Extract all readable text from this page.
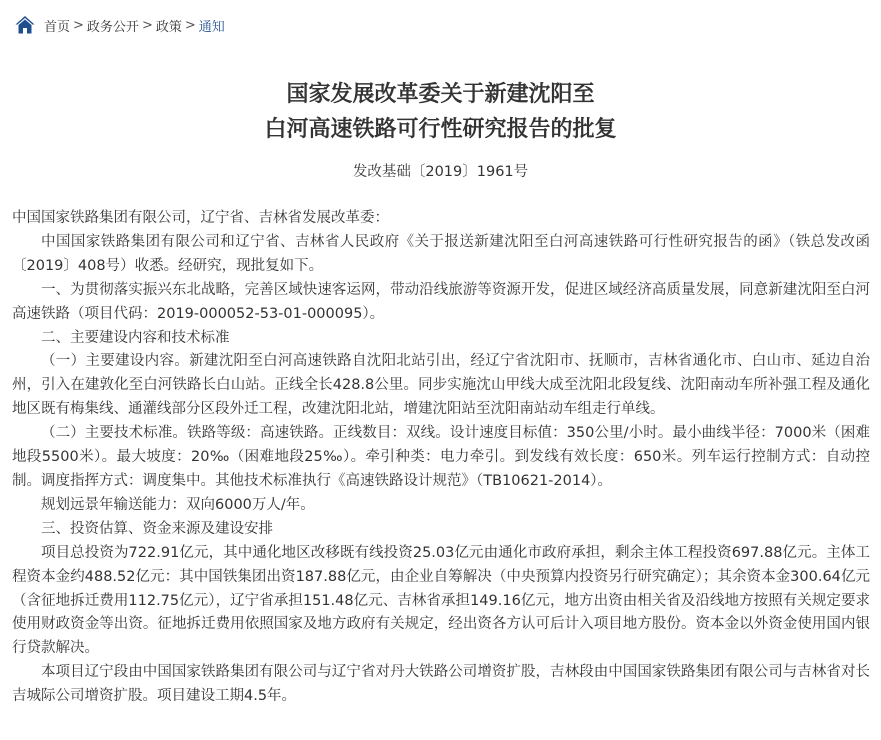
首页 > 政务公开 > 政策 > 通知
国家发展改革委关于新建沈阳至
白河高速铁路可行性研究报告的批复
发改基础〔2019〕1961号

中国国家铁路集团有限公司，辽宁省、吉林省发展改革委：

中国国家铁路集团有限公司和辽宁省、吉林省人民政府《关于报送新建沈阳至白河高速铁路可行性研究报告的函》（铁总发改函〔2019〕408号）收悉。经研究，现批复如下。

一、为贯彻落实振兴东北战略，完善区域快速客运网，带动沿线旅游等资源开发，促进区域经济高质量发展，同意新建沈阳至白河高速铁路（项目代码：2019-000052-53-01-000095）。

二、主要建设内容和技术标准

（一）主要建设内容。新建沈阳至白河高速铁路自沈阳北站引出，经辽宁省沈阳市、抚顺市，吉林省通化市、白山市、延边自治州，引入在建敦化至白河铁路长白山站。正线全长428.8公里。同步实施沈山甲线大成至沈阳北段复线、沈阳南动车所补强工程及通化地区既有梅集线、通灌线部分区段外迁工程，改建沈阳北站，增建沈阳站至沈阳南站动车组走行单线。

（二）主要技术标准。铁路等级：高速铁路。正线数目：双线。设计速度目标值：350公里/小时。最小曲线半径：7000米（困难地段5500米）。最大坡度：20‰（困难地段25‰）。牵引种类：电力牵引。到发线有效长度：650米。列车运行控制方式：自动控制。调度指挥方式：调度集中。其他技术标准执行《高速铁路设计规范》（TB10621-2014）。

规划远景年输送能力：双向6000万人/年。

三、投资估算、资金来源及建设安排

项目总投资为722.91亿元，其中通化地区改移既有线投资25.03亿元由通化市政府承担，剩余主体工程投资697.88亿元。主体工程资本金约488.52亿元：其中国铁集团出资187.88亿元，由企业自筹解决（中央预算内投资另行研究确定）；其余资本金300.64亿元（含征地拆迁费用112.75亿元），辽宁省承担151.48亿元、吉林省承担149.16亿元，地方出资由相关省及沿线地方按照有关规定要求使用财政资金等出资。征地拆迁费用依照国家及地方政府有关规定，经出资各方认可后计入项目地方股份。资本金以外资金使用国内银行贷款解决。

本项目辽宁段由中国国家铁路集团有限公司与辽宁省对丹大铁路公司增资扩股，吉林段由中国国家铁路集团有限公司与吉林省对长吉城际公司增资扩股。项目建设工期4.5年。
